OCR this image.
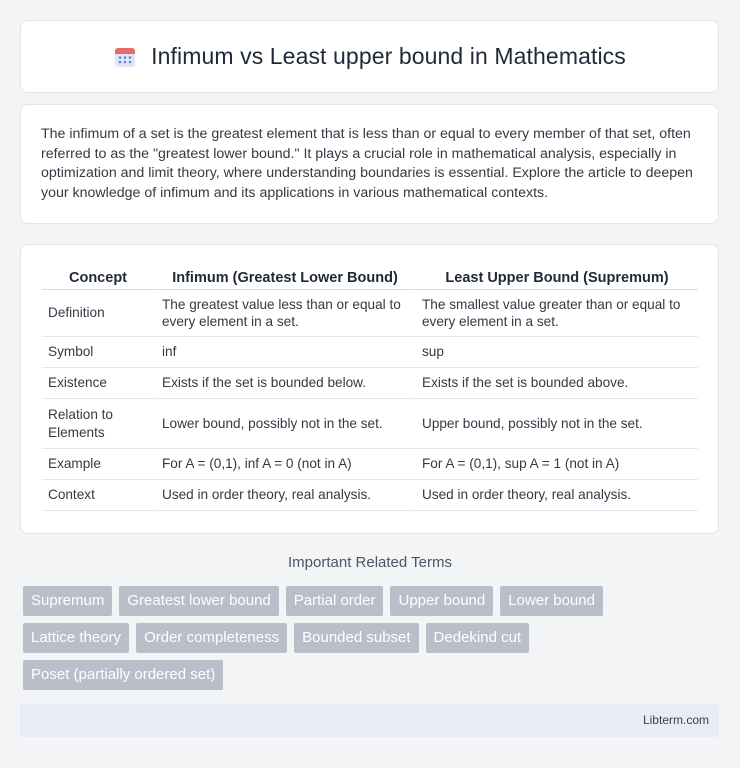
Infimum vs Least upper bound in Mathematics

The infimum of a set is the greatest element that is less than or equal to every member of that set, often referred to as the "greatest lower bound." It plays a crucial role in mathematical analysis, especially in optimization and limit theory, where understanding boundaries is essential. Explore the article to deepen your knowledge of infimum and its applications in various mathematical contexts.

Concept	Infimum (Greatest Lower Bound)	Least Upper Bound (Supremum)
Definition	The greatest value less than or equal to every element in a set.	The smallest value greater than or equal to every element in a set.
Symbol	inf	sup
Existence	Exists if the set is bounded below.	Exists if the set is bounded above.
Relation to Elements	Lower bound, possibly not in the set.	Upper bound, possibly not in the set.
Example	For A = (0,1), inf A = 0 (not in A)	For A = (0,1), sup A = 1 (not in A)
Context	Used in order theory, real analysis.	Used in order theory, real analysis.
Important Related Terms
Supremum	Greatest lower bound	Partial order	Upper bound	Lower bound
Lattice theory	Order completeness	Bounded subset	Dedekind cut
Poset (partially ordered set)
Libterm.com
